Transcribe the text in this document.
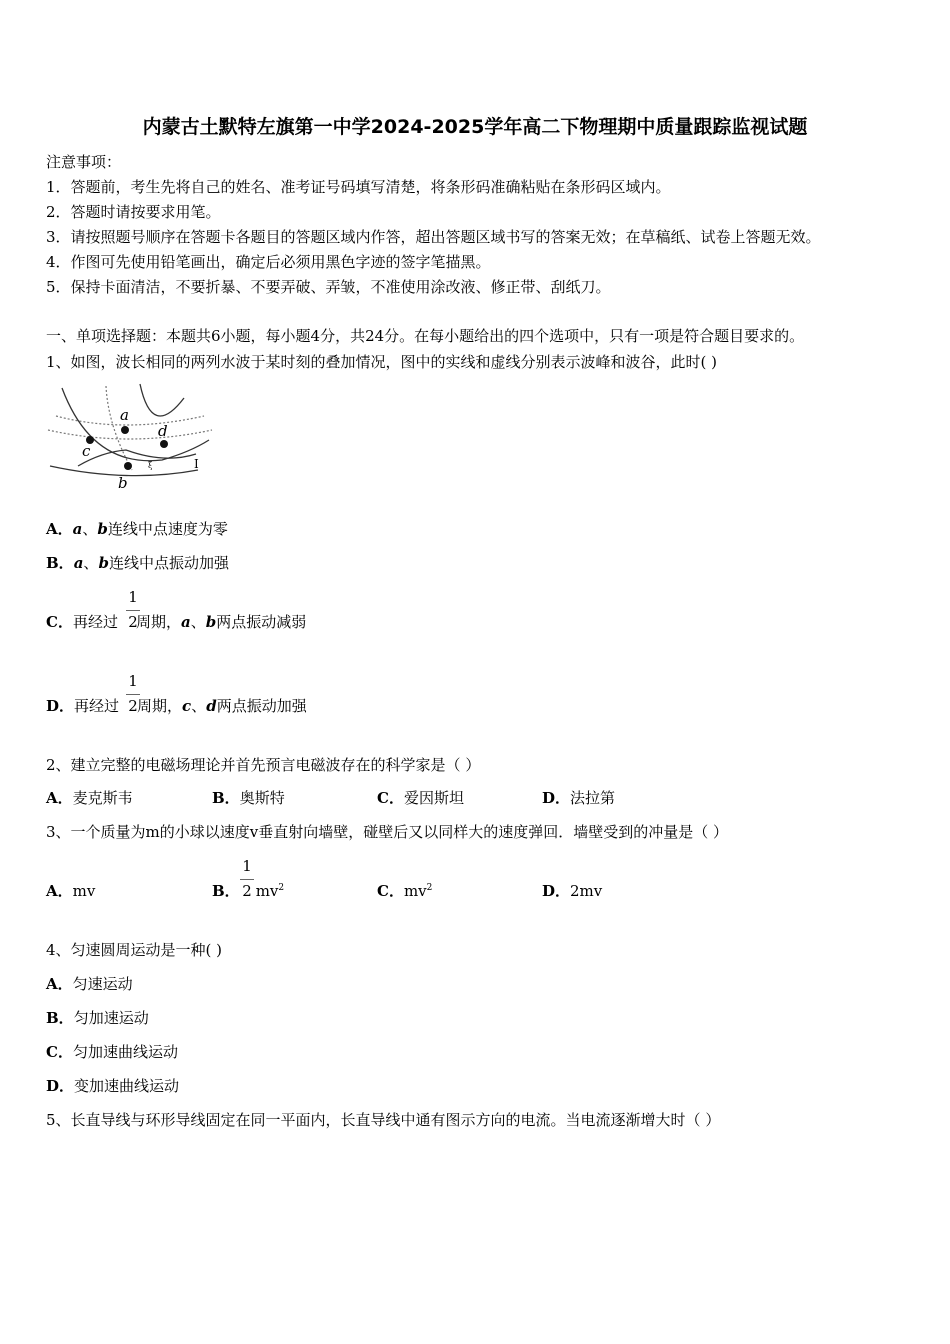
内蒙古土默特左旗第一中学2024-2025学年高二下物理期中质量跟踪监视试题
注意事项：
1．答题前，考生先将自己的姓名、准考证号码填写清楚，将条形码准确粘贴在条形码区域内。
2．答题时请按要求用笔。
3．请按照题号顺序在答题卡各题目的答题区域内作答，超出答题区域书写的答案无效；在草稿纸、试卷上答题无效。
4．作图可先使用铅笔画出，确定后必须用黑色字迹的签字笔描黑。
5．保持卡面清洁，不要折暴、不要弄破、弄皱，不准使用涂改液、修正带、刮纸刀。
一、单项选择题：本题共6小题，每小题4分，共24分。在每小题给出的四个选项中，只有一项是符合题目要求的。
1、如图，波长相同的两列水波于某时刻的叠加情况，图中的实线和虚线分别表示波峰和波谷，此时( )
a
d
c
b
ξ	Ⅰ
A．a、b连线中点速度为零
B．a、b连线中点振动加强
C．再经过 周期，a、b两点振动减弱
1
2
D．再经过 周期，c、d两点振动加强
1
2
2、建立完整的电磁场理论并首先预言电磁波存在的科学家是（ ）
A．麦克斯韦	B．奥斯特	C．爱因斯坦	D．法拉第
3、一个质量为m的小球以速度v垂直射向墙壁，碰壁后又以同样大的速度弹回．墙壁受到的冲量是（ ）
A．mv	B． $mv^2$
1
2	C．$mv^2$	D．2mv
4、匀速圆周运动是一种( )
A．匀速运动
B．匀加速运动
C．匀加速曲线运动
D．变加速曲线运动
5、长直导线与环形导线固定在同一平面内，长直导线中通有图示方向的电流。当电流逐渐增大时（ ）
